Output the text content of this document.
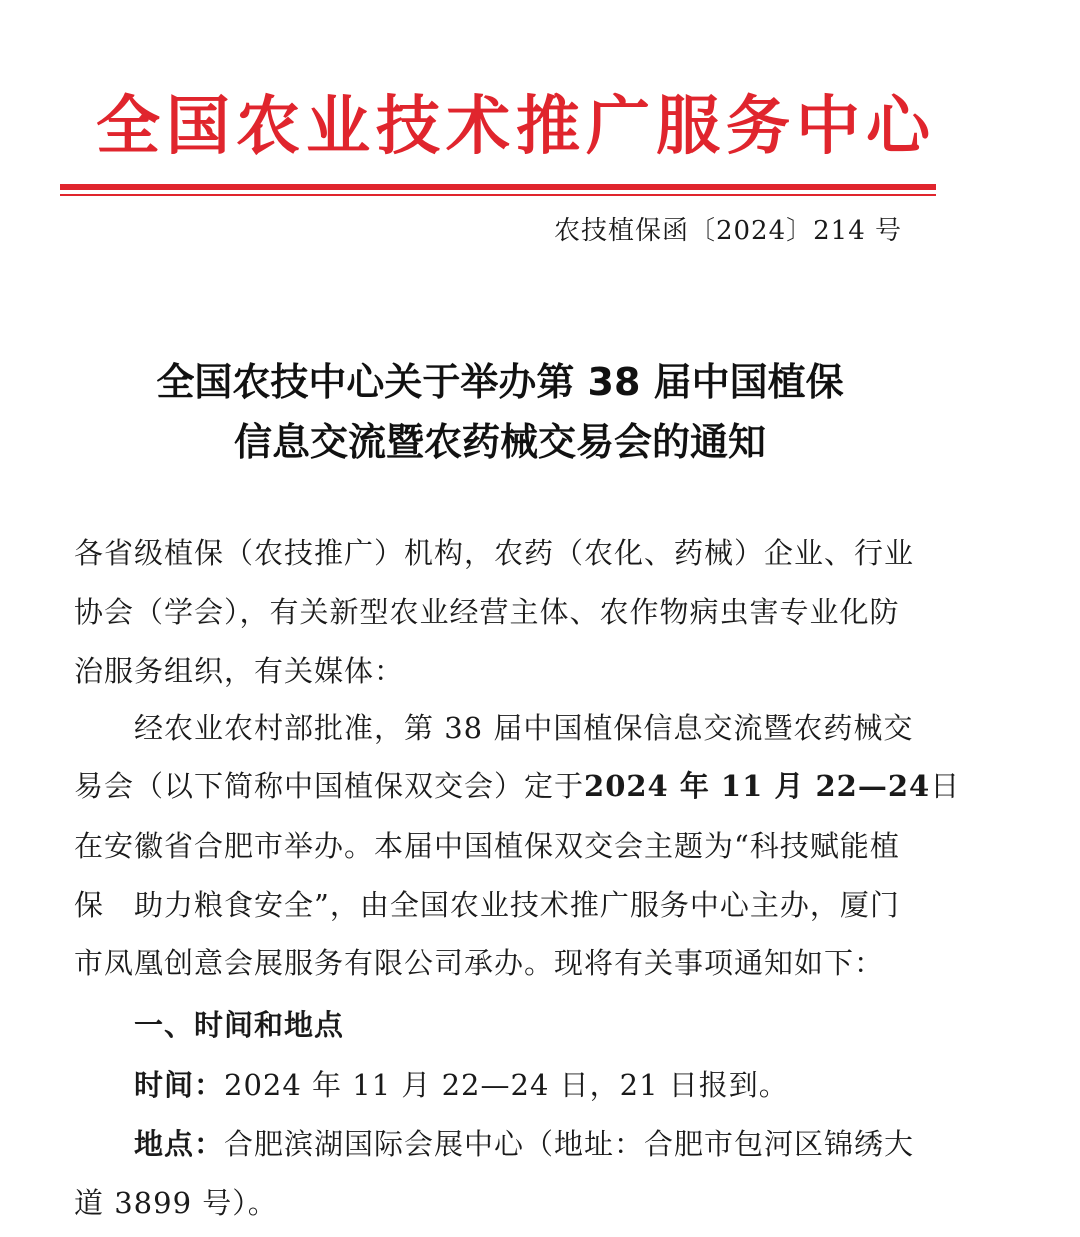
全国农业技术推广服务中心
农技植保函〔2024〕214 号
全国农技中心关于举办第 38 届中国植保
信息交流暨农药械交易会的通知
各省级植保（农技推广）机构，农药（农化、药械）企业、行业
协会（学会），有关新型农业经营主体、农作物病虫害专业化防
治服务组织，有关媒体：
经农业农村部批准，第 38 届中国植保信息交流暨农药械交
易会（以下简称中国植保双交会）定于2024 年 11 月 22—24日
在安徽省合肥市举办。本届中国植保双交会主题为“科技赋能植
保　助力粮食安全”，由全国农业技术推广服务中心主办，厦门
市凤凰创意会展服务有限公司承办。现将有关事项通知如下：
一、时间和地点
时间：2024 年 11 月 22—24 日，21 日报到。
地点：合肥滨湖国际会展中心（地址：合肥市包河区锦绣大
道 3899 号）。
